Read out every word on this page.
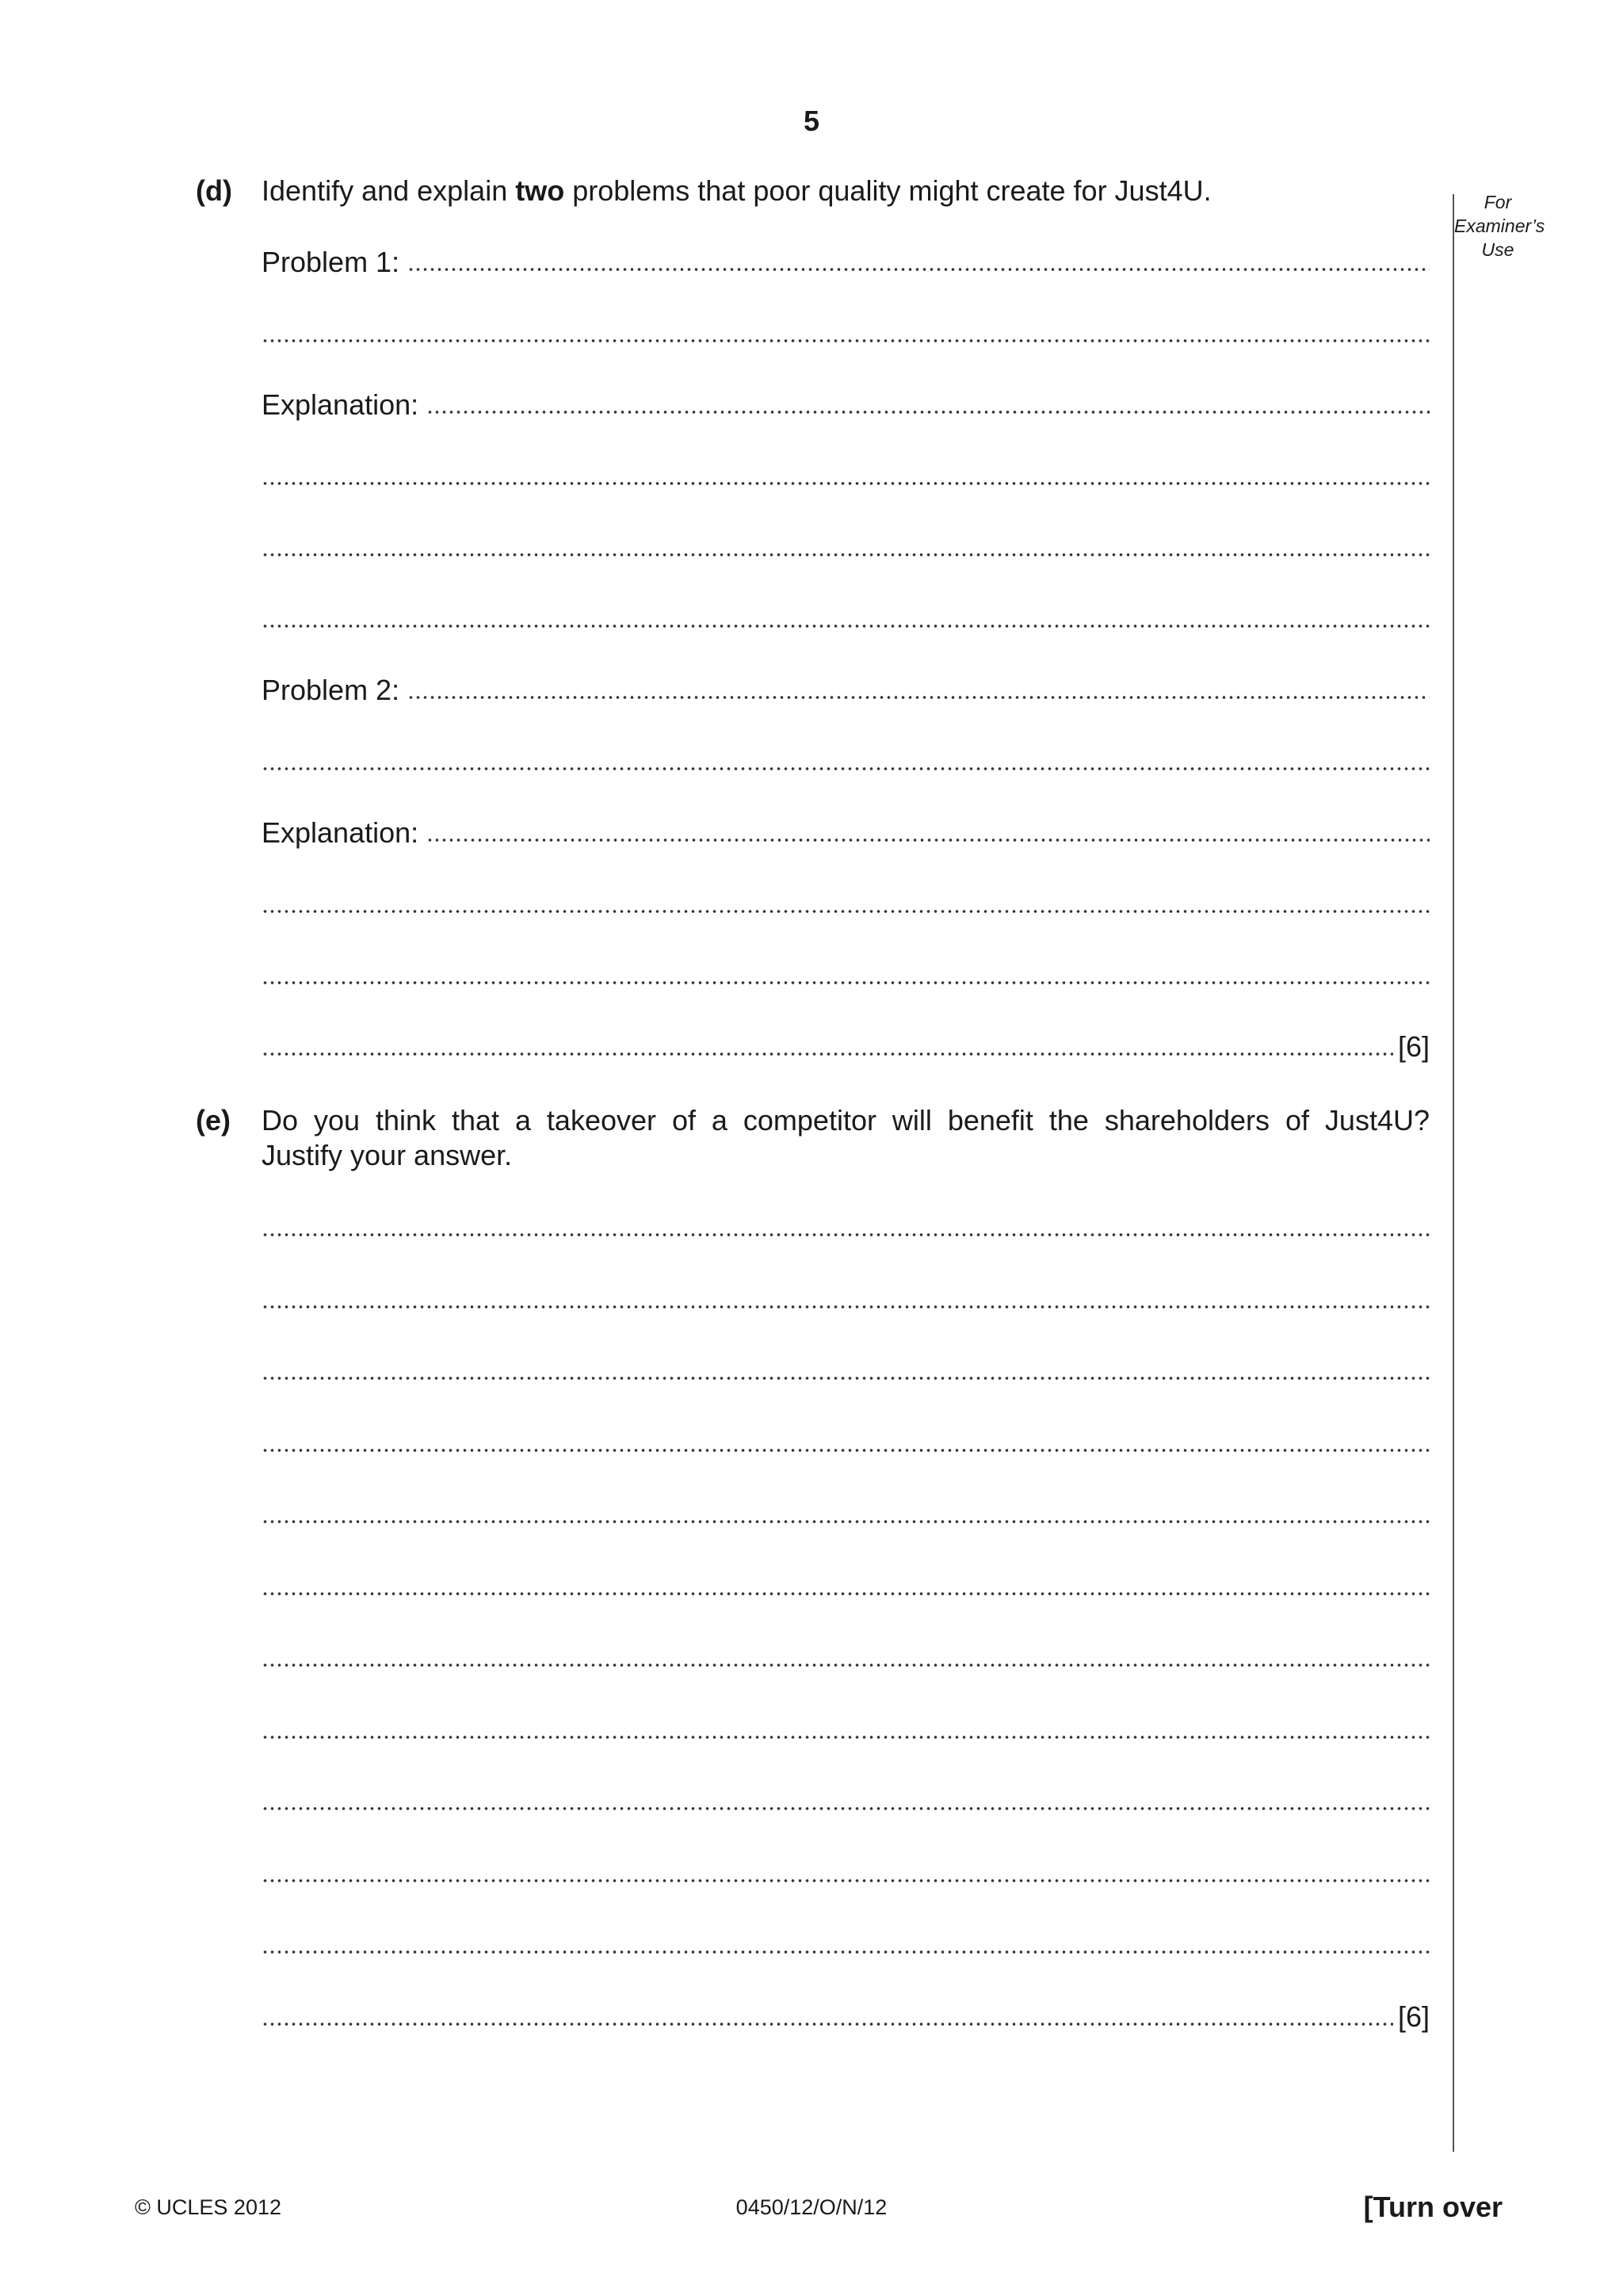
5
For
Examiner’s
Use
(d) Identify and explain two problems that poor quality might create for Just4U.
Problem 1:
Explanation:
Problem 2:
Explanation:
[6]
(e) Do you think that a takeover of a competitor will benefit the shareholders of Just4U?
Justify your answer.
[6]
© UCLES 2012	0450/12/O/N/12	[Turn over
